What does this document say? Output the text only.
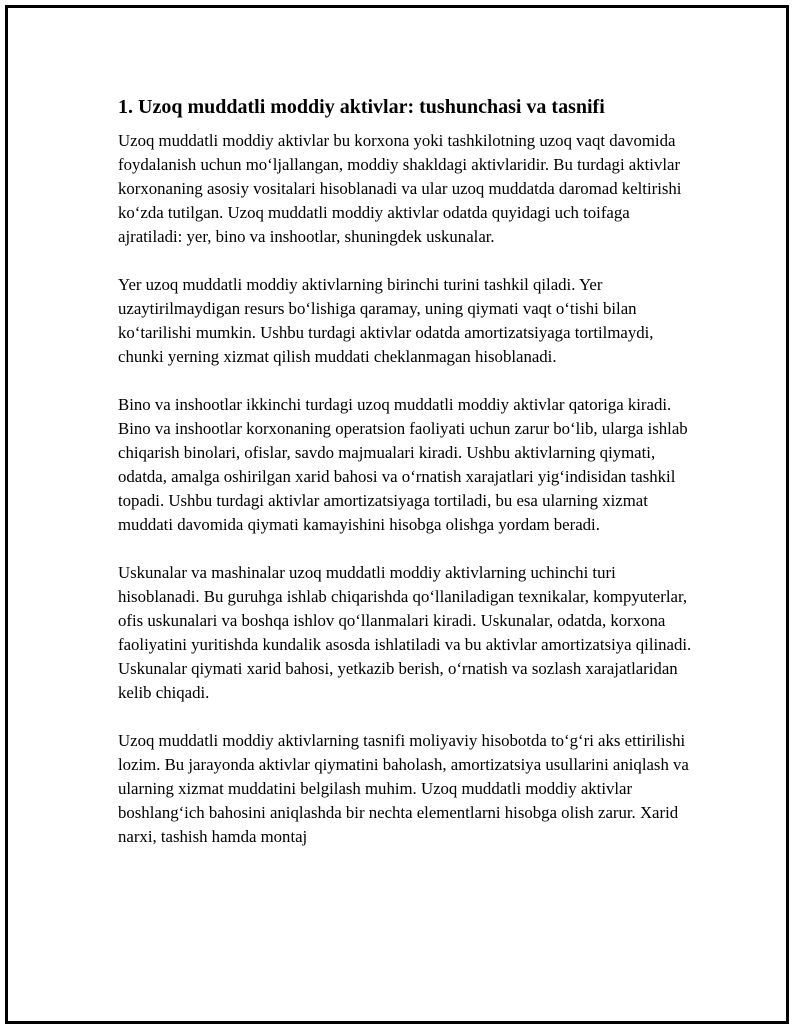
1. Uzoq muddatli moddiy aktivlar: tushunchasi va tasnifi

Uzoq muddatli moddiy aktivlar bu korxona yoki tashkilotning uzoq vaqt davomida foydalanish uchun moʻljallangan, moddiy shakldagi aktivlaridir. Bu turdagi aktivlar korxonaning asosiy vositalari hisoblanadi va ular uzoq muddatda daromad keltirishi koʻzda tutilgan. Uzoq muddatli moddiy aktivlar odatda quyidagi uch toifaga ajratiladi: yer, bino va inshootlar, shuningdek uskunalar.

Yer uzoq muddatli moddiy aktivlarning birinchi turini tashkil qiladi. Yer uzaytirilmaydigan resurs boʻlishiga qaramay, uning qiymati vaqt oʻtishi bilan koʻtarilishi mumkin. Ushbu turdagi aktivlar odatda amortizatsiyaga tortilmaydi, chunki yerning xizmat qilish muddati cheklanmagan hisoblanadi.

Bino va inshootlar ikkinchi turdagi uzoq muddatli moddiy aktivlar qatoriga kiradi. Bino va inshootlar korxonaning operatsion faoliyati uchun zarur boʻlib, ularga ishlab chiqarish binolari, ofislar, savdo majmualari kiradi. Ushbu aktivlarning qiymati, odatda, amalga oshirilgan xarid bahosi va oʻrnatish xarajatlari yigʻindisidan tashkil topadi. Ushbu turdagi aktivlar amortizatsiyaga tortiladi, bu esa ularning xizmat muddati davomida qiymati kamayishini hisobga olishga yordam beradi.

Uskunalar va mashinalar uzoq muddatli moddiy aktivlarning uchinchi turi hisoblanadi. Bu guruhga ishlab chiqarishda qoʻllaniladigan texnikalar, kompyuterlar, ofis uskunalari va boshqa ishlov qoʻllanmalari kiradi. Uskunalar, odatda, korxona faoliyatini yuritishda kundalik asosda ishlatiladi va bu aktivlar amortizatsiya qilinadi. Uskunalar qiymati xarid bahosi, yetkazib berish, oʻrnatish va sozlash xarajatlaridan kelib chiqadi.

Uzoq muddatli moddiy aktivlarning tasnifi moliyaviy hisobotda toʻgʻri aks ettirilishi lozim. Bu jarayonda aktivlar qiymatini baholash, amortizatsiya usullarini aniqlash va ularning xizmat muddatini belgilash muhim. Uzoq muddatli moddiy aktivlar boshlangʻich bahosini aniqlashda bir nechta elementlarni hisobga olish zarur. Xarid narxi, tashish hamda montaj
